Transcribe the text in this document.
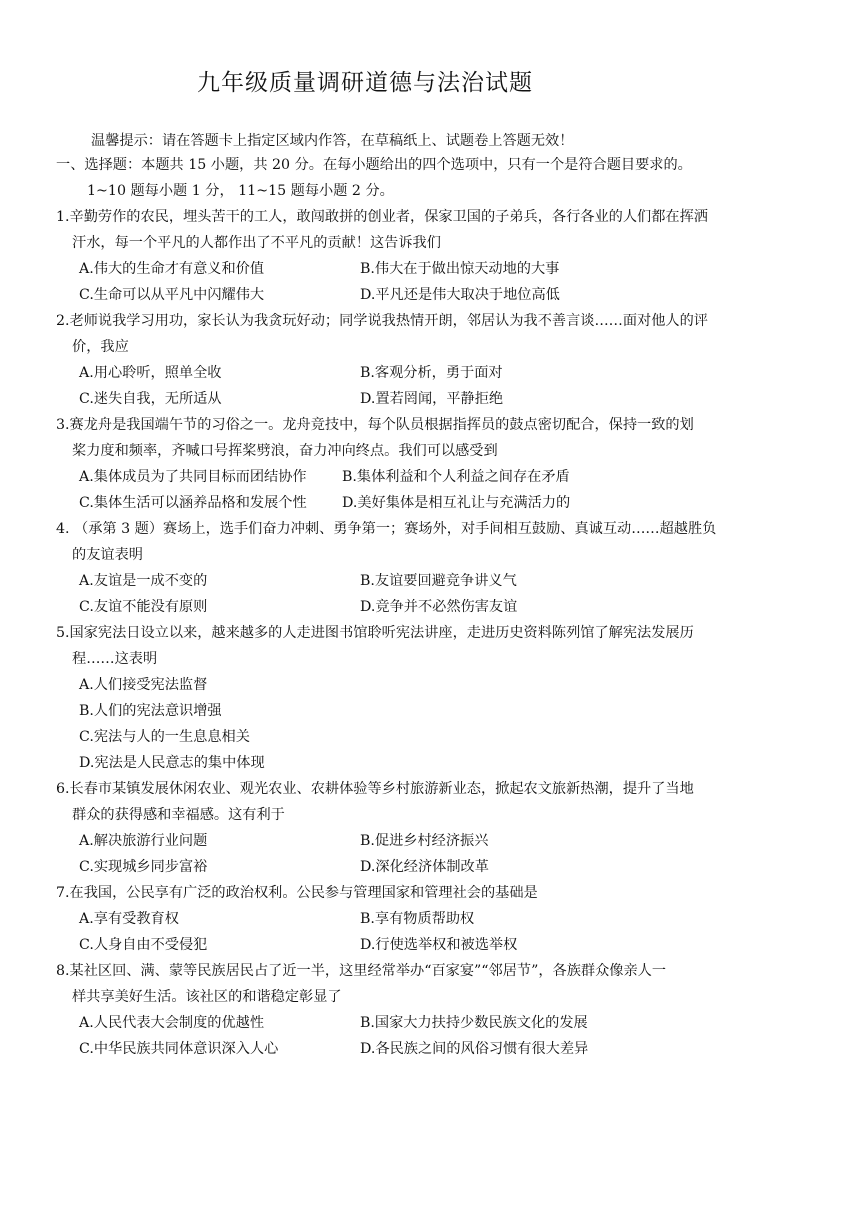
九年级质量调研道德与法治试题
温馨提示：请在答题卡上指定区域内作答，在草稿纸上、试题卷上答题无效！
一、选择题：本题共 15 小题，共 20 分。在每小题给出的四个选项中，只有一个是符合题目要求的。
1~10 题每小题 1 分， 11~15 题每小题 2 分。
1.辛勤劳作的农民，埋头苦干的工人，敢闯敢拼的创业者，保家卫国的子弟兵，各行各业的人们都在挥洒
汗水，每一个平凡的人都作出了不平凡的贡献！这告诉我们
A.伟大的生命才有意义和价值	B.伟大在于做出惊天动地的大事
C.生命可以从平凡中闪耀伟大	D.平凡还是伟大取决于地位高低
2.老师说我学习用功，家长认为我贪玩好动；同学说我热情开朗，邻居认为我不善言谈……面对他人的评
价，我应
A.用心聆听，照单全收	B.客观分析，勇于面对
C.迷失自我，无所适从	D.置若罔闻，平静拒绝
3.赛龙舟是我国端午节的习俗之一。龙舟竞技中，每个队员根据指挥员的鼓点密切配合，保持一致的划
桨力度和频率，齐喊口号挥桨劈浪，奋力冲向终点。我们可以感受到
A.集体成员为了共同目标而团结协作 B.集体利益和个人利益之间存在矛盾
C.集体生活可以涵养品格和发展个性 D.美好集体是相互礼让与充满活力的
4. （承第 3 题）赛场上，选手们奋力冲刺、勇争第一；赛场外，对手间相互鼓励、真诚互动……超越胜负
的友谊表明
A.友谊是一成不变的	B.友谊要回避竞争讲义气
C.友谊不能没有原则	D.竞争并不必然伤害友谊
5.国家宪法日设立以来，越来越多的人走进图书馆聆听宪法讲座，走进历史资料陈列馆了解宪法发展历
程……这表明
A.人们接受宪法监督
B.人们的宪法意识增强
C.宪法与人的一生息息相关
D.宪法是人民意志的集中体现
6.长春市某镇发展休闲农业、观光农业、农耕体验等乡村旅游新业态，掀起农文旅新热潮，提升了当地
群众的获得感和幸福感。这有利于
A.解决旅游行业问题	B.促进乡村经济振兴
C.实现城乡同步富裕	D.深化经济体制改革
7.在我国，公民享有广泛的政治权利。公民参与管理国家和管理社会的基础是
A.享有受教育权	B.享有物质帮助权
C.人身自由不受侵犯	D.行使选举权和被选举权
8.某社区回、满、蒙等民族居民占了近一半，这里经常举办“百家宴”“邻居节”，各族群众像亲人一
样共享美好生活。该社区的和谐稳定彰显了
A.人民代表大会制度的优越性	B.国家大力扶持少数民族文化的发展
C.中华民族共同体意识深入人心	D.各民族之间的风俗习惯有很大差异
